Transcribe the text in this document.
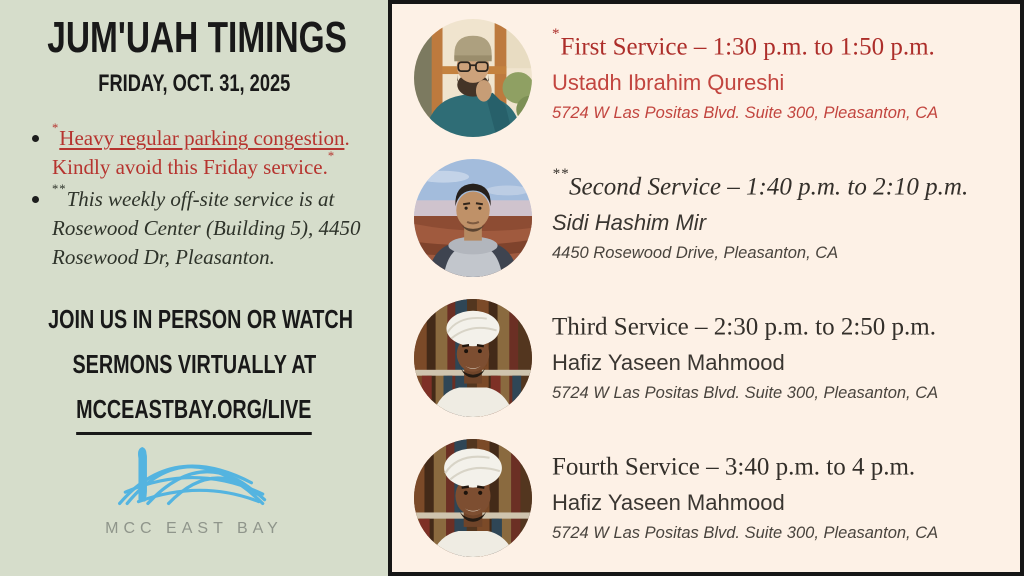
JUM'UAH TIMINGS
FRIDAY, OCT. 31, 2025
*Heavy regular parking congestion. Kindly avoid this Friday service.*
**This weekly off-site service is at Rosewood Center (Building 5), 4450 Rosewood Dr, Pleasanton.
JOIN US IN PERSON OR WATCH
SERMONS VIRTUALLY AT
MCCEASTBAY.ORG/LIVE
MCC EAST BAY
*First Service – 1:30 p.m. to 1:50 p.m.
Ustadh Ibrahim Qureshi
5724 W Las Positas Blvd. Suite 300, Pleasanton, CA
**Second Service – 1:40 p.m. to 2:10 p.m.
Sidi Hashim Mir
4450 Rosewood Drive, Pleasanton, CA
Third Service – 2:30 p.m. to 2:50 p.m.
Hafiz Yaseen Mahmood
5724 W Las Positas Blvd. Suite 300, Pleasanton, CA
Fourth Service – 3:40 p.m. to 4 p.m.
Hafiz Yaseen Mahmood
5724 W Las Positas Blvd. Suite 300, Pleasanton, CA
